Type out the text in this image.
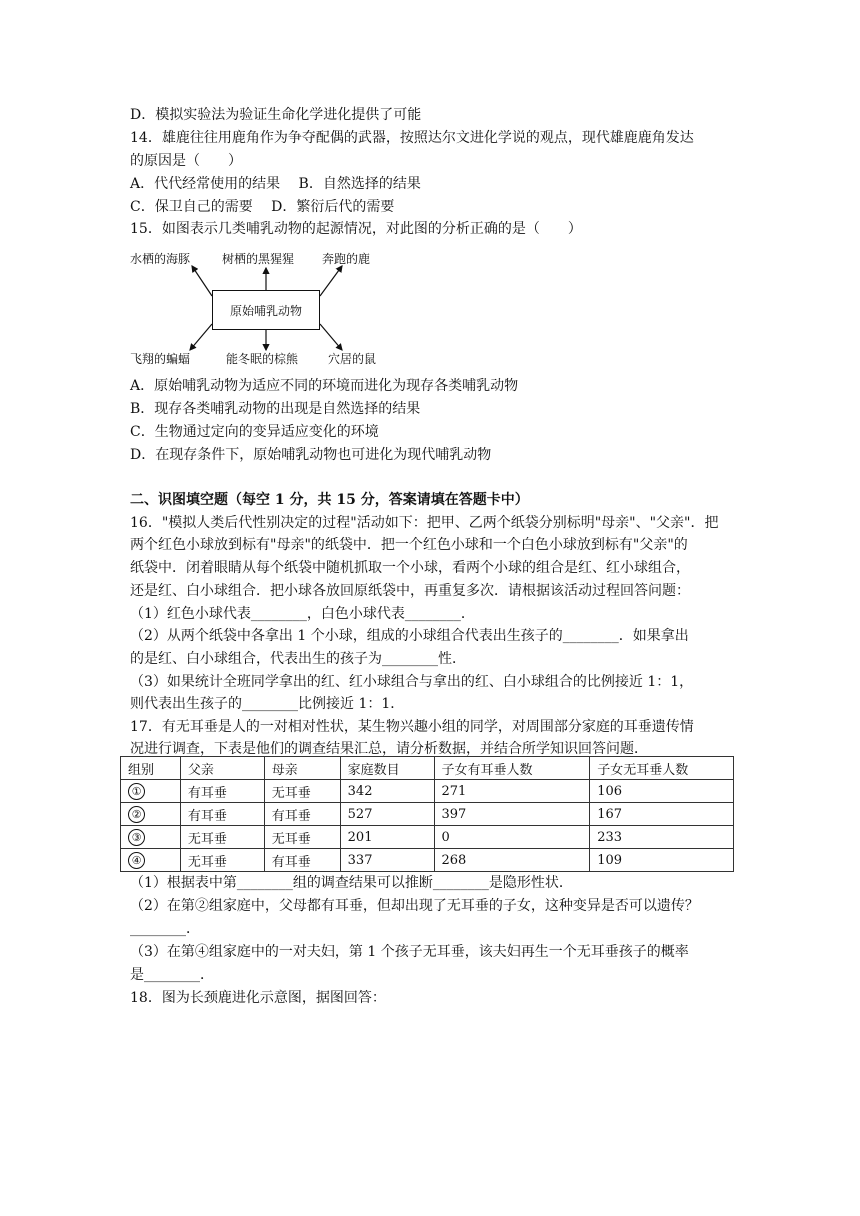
D．模拟实验法为验证生命化学进化提供了可能
14．雄鹿往往用鹿角作为争夺配偶的武器，按照达尔文进化学说的观点，现代雄鹿鹿角发达
的原因是（　　）
A．代代经常使用的结果　 B．自然选择的结果
C．保卫自己的需要　 D．繁衍后代的需要
15．如图表示几类哺乳动物的起源情况，对此图的分析正确的是（　　）
水栖的海豚	树栖的黑猩猩 奔跑的鹿
原始哺乳动物
飞翔的蝙蝠	能冬眠的棕熊 穴居的鼠
A．原始哺乳动物为适应不同的环境而进化为现存各类哺乳动物
B．现存各类哺乳动物的出现是自然选择的结果
C．生物通过定向的变异适应变化的环境
D．在现存条件下，原始哺乳动物也可进化为现代哺乳动物
二、识图填空题（每空 1 分，共 15 分，答案请填在答题卡中）
16．"模拟人类后代性别决定的过程"活动如下：把甲、乙两个纸袋分别标明"母亲"、"父亲"．把
两个红色小球放到标有"母亲"的纸袋中．把一个红色小球和一个白色小球放到标有"父亲"的
纸袋中．闭着眼睛从每个纸袋中随机抓取一个小球，看两个小球的组合是红、红小球组合，
还是红、白小球组合．把小球各放回原纸袋中，再重复多次．请根据该活动过程回答问题：
（1）红色小球代表________，白色小球代表________．
（2）从两个纸袋中各拿出 1 个小球，组成的小球组合代表出生孩子的________．如果拿出
的是红、白小球组合，代表出生的孩子为________性．
（3）如果统计全班同学拿出的红、红小球组合与拿出的红、白小球组合的比例接近 1：1，
则代表出生孩子的________比例接近 1：1．
17．有无耳垂是人的一对相对性状，某生物兴趣小组的同学，对周围部分家庭的耳垂遗传情
况进行调查，下表是他们的调查结果汇总，请分析数据，并结合所学知识回答问题．
组别	父亲	母亲	家庭数目	子女有耳垂人数	子女无耳垂人数
①	有耳垂	无耳垂	342	271	106
②	有耳垂	有耳垂	527	397	167
③	无耳垂	无耳垂	201	0	233
④	无耳垂	有耳垂	337	268	109
（1）根据表中第________组的调查结果可以推断________是隐形性状．
（2）在第②组家庭中，父母都有耳垂，但却出现了无耳垂的子女，这种变异是否可以遗传？
________．
（3）在第④组家庭中的一对夫妇，第 1 个孩子无耳垂，该夫妇再生一个无耳垂孩子的概率
是________．
18．图为长颈鹿进化示意图，据图回答：
